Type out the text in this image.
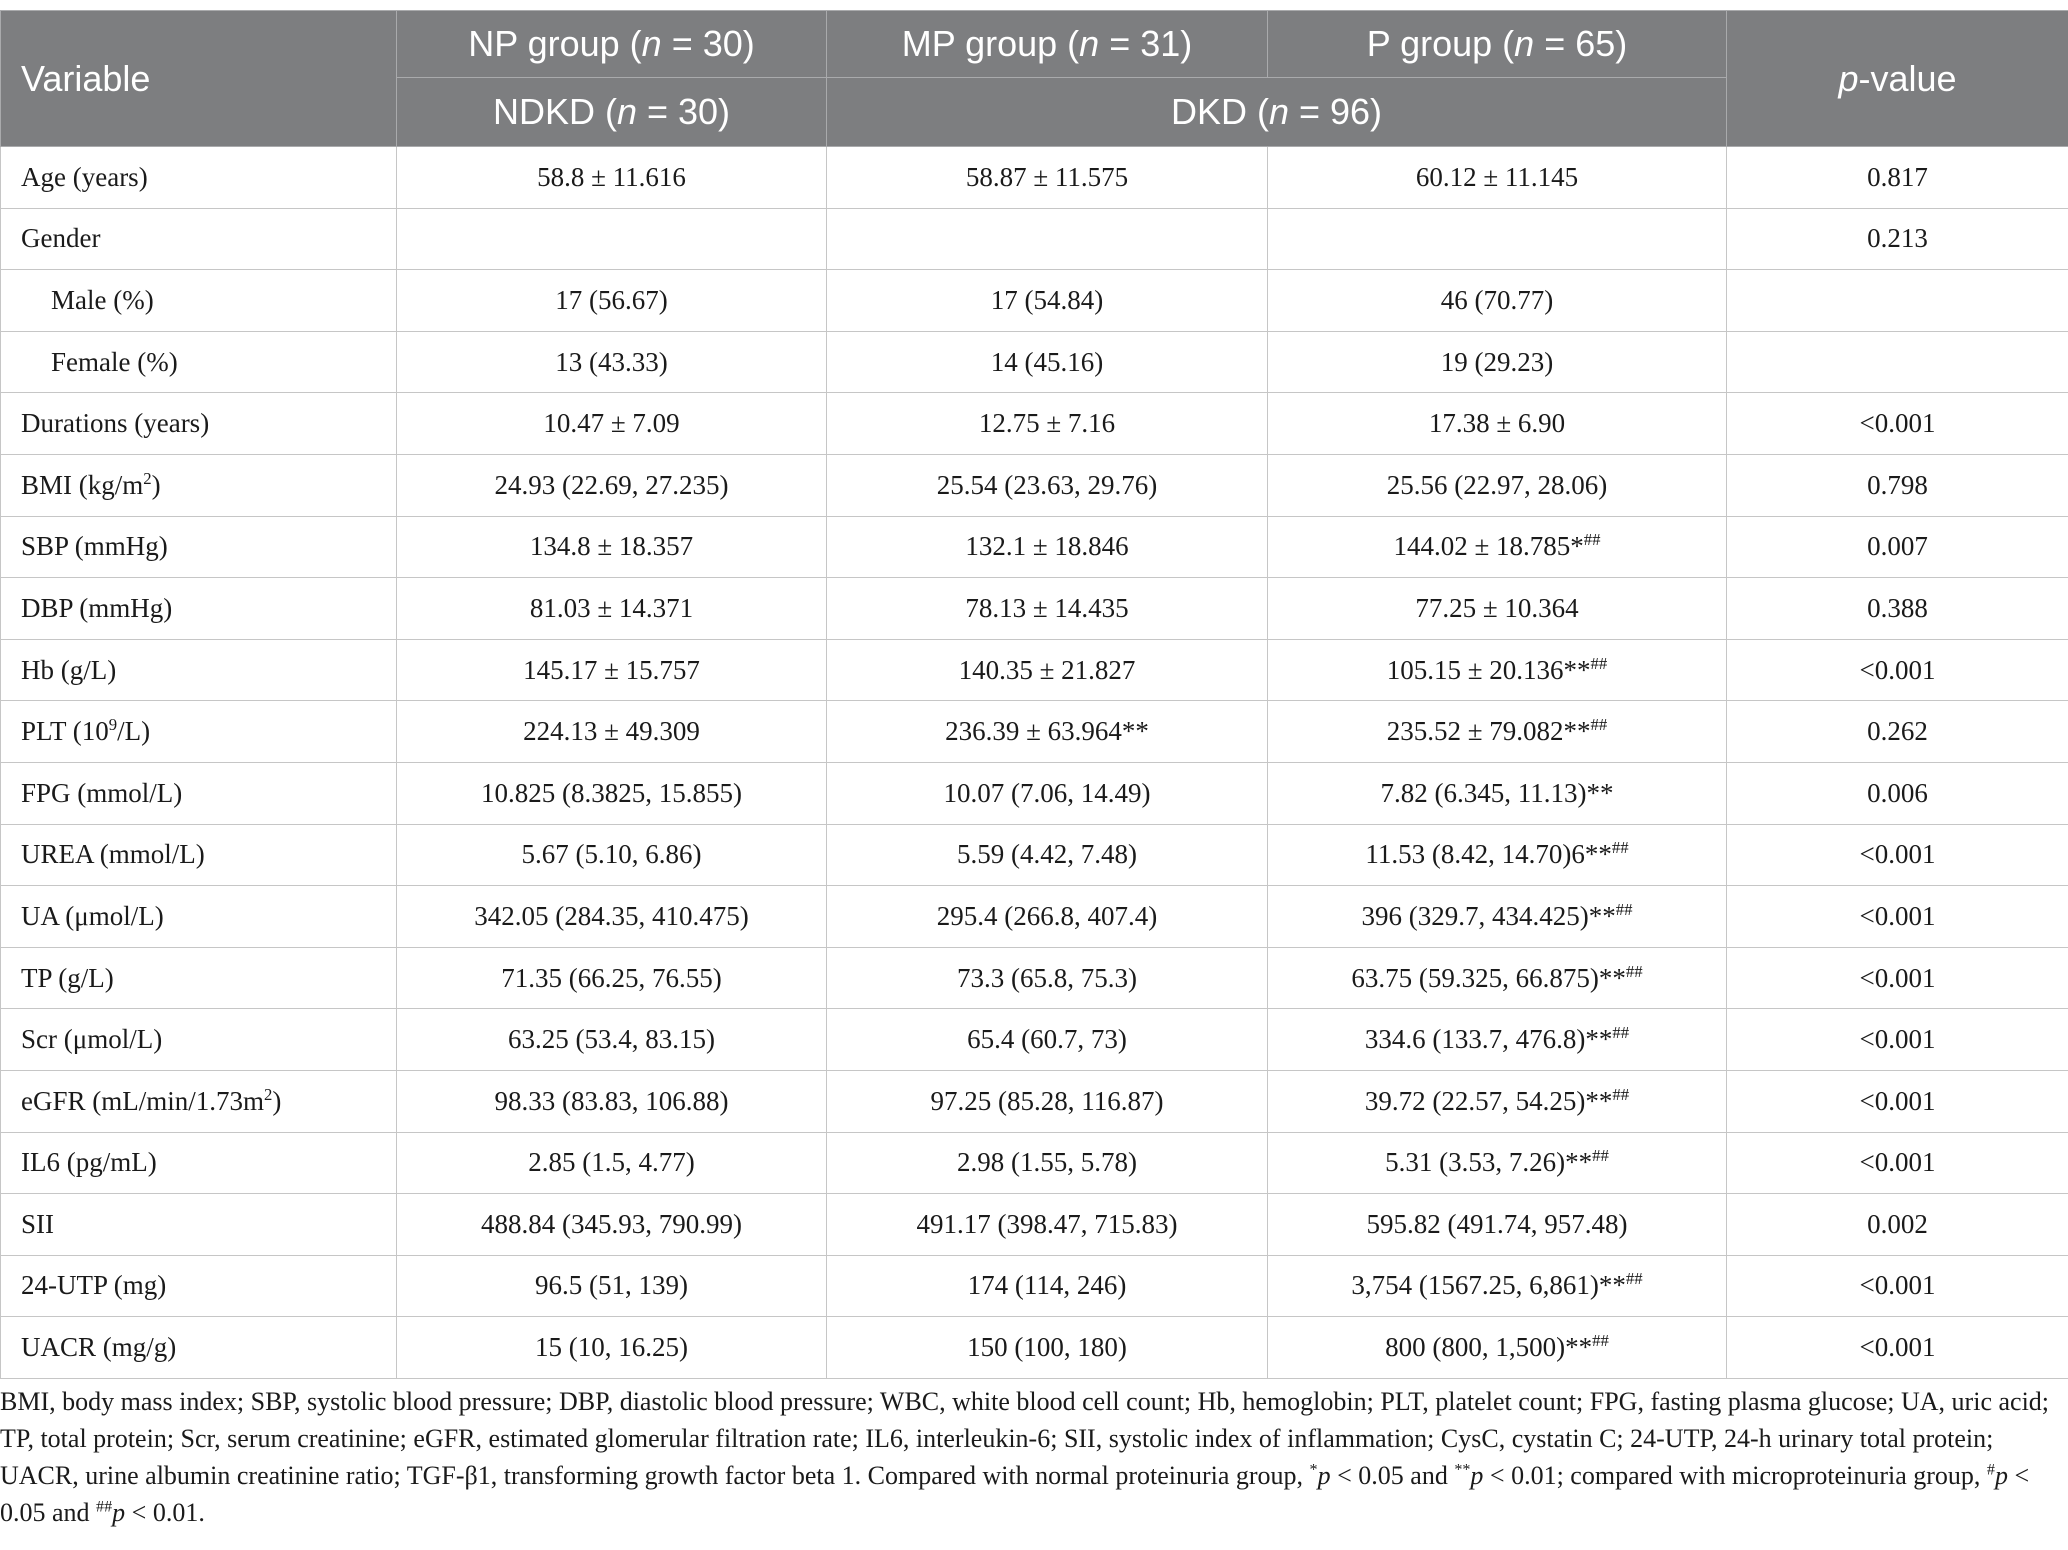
Variable	NP group (n = 30)	MP group (n = 31)	P group (n = 65)	p-value
	NDKD (n = 30)	DKD (n = 96)		
Age (years)	58.8 ± 11.616	58.87 ± 11.575	60.12 ± 11.145	0.817
Gender				0.213
Male (%)	17 (56.67)	17 (54.84)	46 (70.77)	
Female (%)	13 (43.33)	14 (45.16)	19 (29.23)	
Durations (years)	10.47 ± 7.09	12.75 ± 7.16	17.38 ± 6.90	<0.001
BMI $(kg/m^2)$	24.93 (22.69, 27.235)	25.54 (23.63, 29.76)	25.56 (22.97, 28.06)	0.798
SBP (mmHg)	134.8 ± 18.357	132.1 ± 18.846	144.02 ± 18.785*##	0.007
DBP (mmHg)	81.03 ± 14.371	78.13 ± 14.435	77.25 ± 10.364	0.388
Hb (g/L)	145.17 ± 15.757	140.35 ± 21.827	105.15 ± 20.136**##	<0.001
PLT $(10^9/L)$	224.13 ± 49.309	236.39 ± 63.964**	235.52 ± 79.082**##	0.262
FPG (mmol/L)	10.825 (8.3825, 15.855)	10.07 (7.06, 14.49)	7.82 (6.345, 11.13)**	0.006
UREA (mmol/L)	5.67 (5.10, 6.86)	5.59 (4.42, 7.48)	11.53 (8.42, 14.70)6**##	<0.001
UA (μmol/L)	342.05 (284.35, 410.475)	295.4 (266.8, 407.4)	396 (329.7, 434.425)**##	<0.001
TP (g/L)	71.35 (66.25, 76.55)	73.3 (65.8, 75.3)	63.75 (59.325, 66.875)**##	<0.001
Scr (μmol/L)	63.25 (53.4, 83.15)	65.4 (60.7, 73)	334.6 (133.7, 476.8)**##	<0.001
eGFR $(mL/\min/1.73m^2)$	98.33 (83.83, 106.88)	97.25 (85.28, 116.87)	39.72 (22.57, 54.25)**##	<0.001
IL6 (pg/mL)	2.85 (1.5, 4.77)	2.98 (1.55, 5.78)	5.31 (3.53, 7.26)**##	<0.001
SII	488.84 (345.93, 790.99)	491.17 (398.47, 715.83)	595.82 (491.74, 957.48)	0.002
24-UTP (mg)	96.5 (51, 139)	174 (114, 246)	3,754 (1567.25, 6,861)**##	<0.001
UACR (mg/g)	15 (10, 16.25)	150 (100, 180)	800 (800, 1,500)**##	<0.001
BMI, body mass index; SBP, systolic blood pressure; DBP, diastolic blood pressure; WBC, white blood cell count; Hb, hemoglobin; PLT, platelet count; FPG, fasting plasma glucose; UA, uric acid; TP, total protein; Scr, serum creatinine; eGFR, estimated glomerular filtration rate; IL6, interleukin-6; SII, systolic index of inflammation; CysC, cystatin C; 24-UTP, 24-h urinary total protein; UACR, urine albumin creatinine ratio; TGF-β1, transforming growth factor beta 1. Compared with normal proteinuria group, *p < 0.05 and **p < 0.01; compared with microproteinuria group, #p < 0.05 and ##p < 0.01.
